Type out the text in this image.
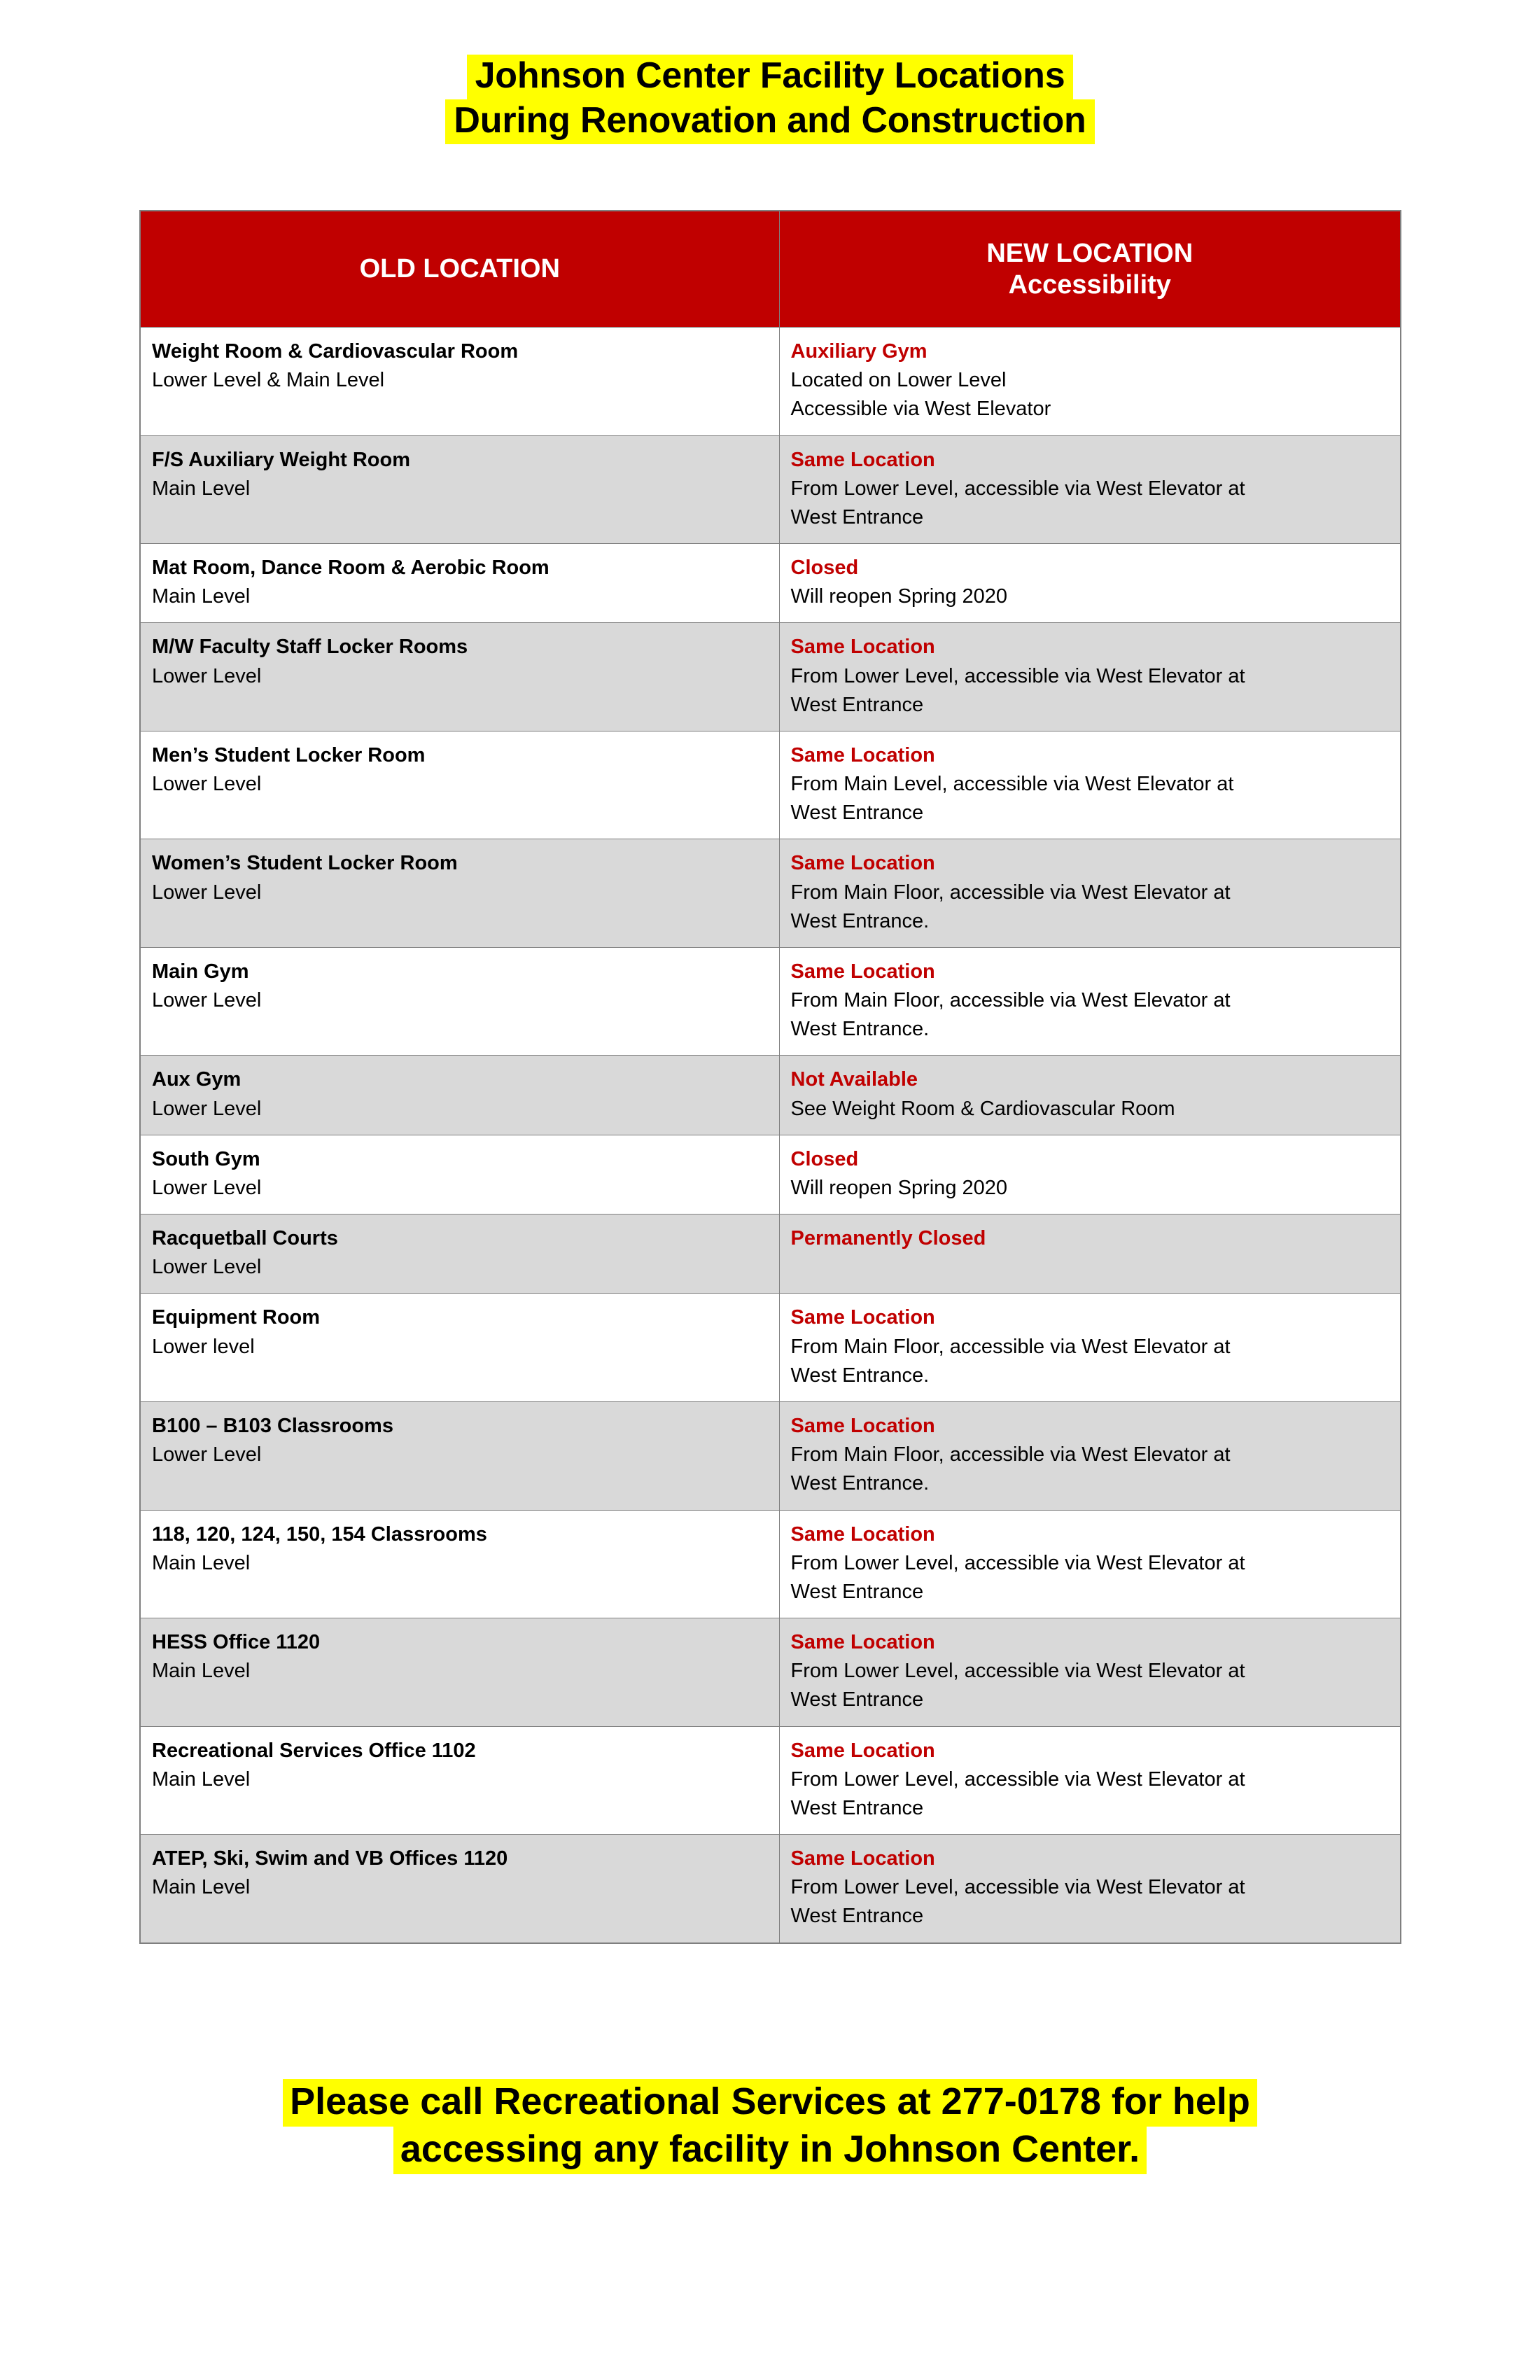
Johnson Center Facility Locations
During Renovation and Construction
OLD LOCATION	NEW LOCATION
Accessibility

Weight Room & Cardiovascular Room
Lower Level & Main Level	Auxiliary Gym
Located on Lower Level
Accessible via West Elevator

F/S Auxiliary Weight Room
Main Level	Same Location
From Lower Level, accessible via West Elevator at
West Entrance

Mat Room, Dance Room & Aerobic Room
Main Level	Closed
Will reopen Spring 2020

M/W Faculty Staff Locker Rooms
Lower Level	Same Location
From Lower Level, accessible via West Elevator at
West Entrance

Men’s Student Locker Room
Lower Level	Same Location
From Main Level, accessible via West Elevator at
West Entrance

Women’s Student Locker Room
Lower Level	Same Location
From Main Floor, accessible via West Elevator at
West Entrance.

Main Gym
Lower Level	Same Location
From Main Floor, accessible via West Elevator at
West Entrance.

Aux Gym
Lower Level	Not Available
See Weight Room & Cardiovascular Room

South Gym
Lower Level	Closed
Will reopen Spring 2020

Racquetball Courts
Lower Level	Permanently Closed

Equipment Room
Lower level	Same Location
From Main Floor, accessible via West Elevator at
West Entrance.

B100 – B103 Classrooms
Lower Level	Same Location
From Main Floor, accessible via West Elevator at
West Entrance.

118, 120, 124, 150, 154 Classrooms
Main Level	Same Location
From Lower Level, accessible via West Elevator at
West Entrance

HESS Office 1120
Main Level	Same Location
From Lower Level, accessible via West Elevator at
West Entrance

Recreational Services Office 1102
Main Level	Same Location
From Lower Level, accessible via West Elevator at
West Entrance

ATEP, Ski, Swim and VB Offices 1120
Main Level	Same Location
From Lower Level, accessible via West Elevator at
West Entrance
Please call Recreational Services at 277-0178 for help
accessing any facility in Johnson Center.
